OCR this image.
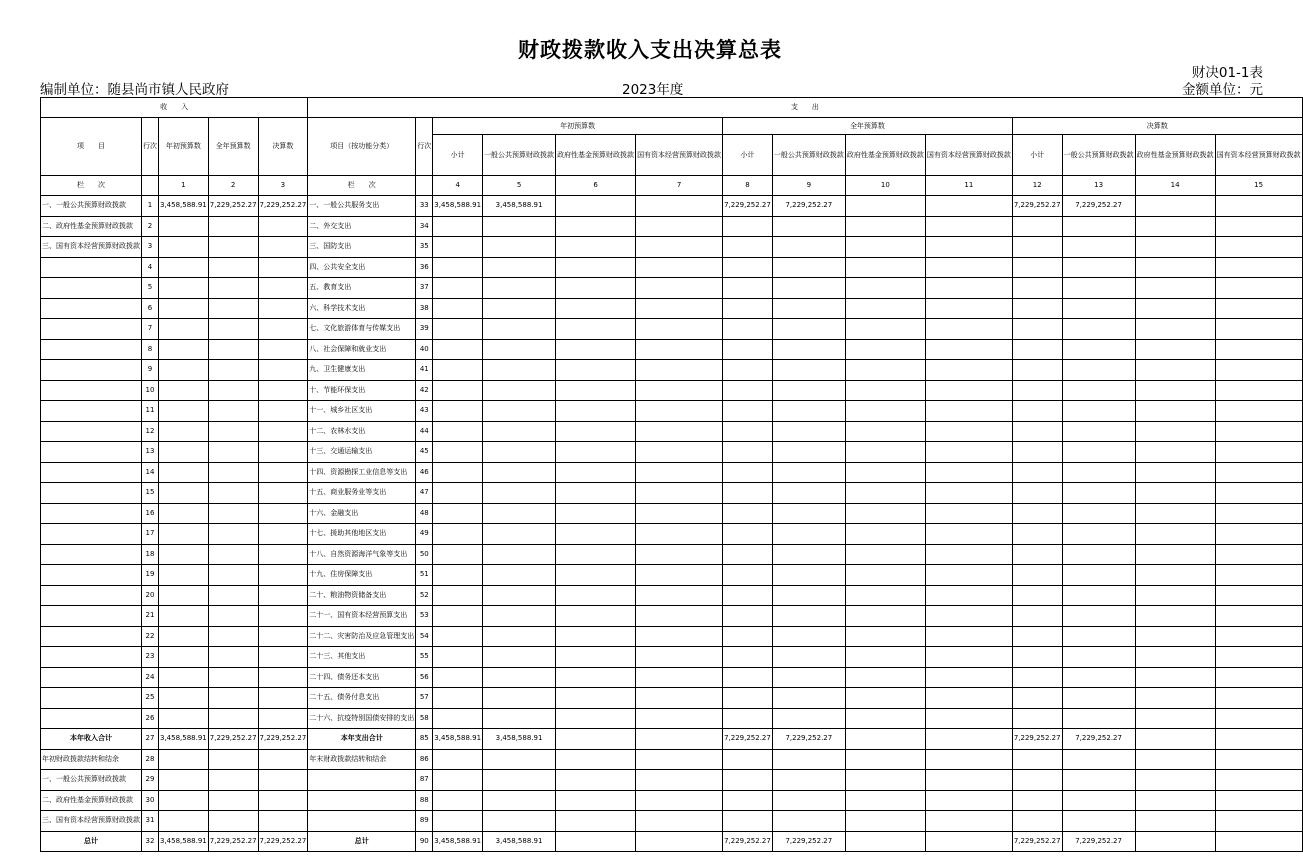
财政拨款收入支出决算总表
财决01-1表
编制单位：随县尚市镇人民政府	2023年度	金额单位：元
收　　入					支　　出													
项　　目	行次	年初预算数	全年预算数	决算数	项目（按功能分类）	行次	年初预算数				全年预算数				决算数			
							小计	一般公共预算财政拨款	政府性基金预算财政拨款	国有资本经营预算财政拨款	小计	一般公共预算财政拨款	政府性基金预算财政拨款	国有资本经营预算财政拨款	小计	一般公共预算财政拨款	政府性基金预算财政拨款	国有资本经营预算财政拨款
栏　　次		1	2	3	栏　　次		4	5	6	7	8	9	10	11	12	13	14	15
一、一般公共预算财政拨款	1	3,458,588.91	7,229,252.27	7,229,252.27	一、一般公共服务支出	33	3,458,588.91	3,458,588.91			7,229,252.27	7,229,252.27			7,229,252.27	7,229,252.27		
二、政府性基金预算财政拨款	2				二、外交支出	34												
三、国有资本经营预算财政拨款	3				三、国防支出	35												
	4				四、公共安全支出	36												
	5				五、教育支出	37												
	6				六、科学技术支出	38												
	7				七、文化旅游体育与传媒支出	39												
	8				八、社会保障和就业支出	40												
	9				九、卫生健康支出	41												
	10				十、节能环保支出	42												
	11				十一、城乡社区支出	43												
	12				十二、农林水支出	44												
	13				十三、交通运输支出	45												
	14				十四、资源勘探工业信息等支出	46												
	15				十五、商业服务业等支出	47												
	16				十六、金融支出	48												
	17				十七、援助其他地区支出	49												
	18				十八、自然资源海洋气象等支出	50												
	19				十九、住房保障支出	51												
	20				二十、粮油物资储备支出	52												
	21				二十一、国有资本经营预算支出	53												
	22				二十二、灾害防治及应急管理支出	54												
	23				二十三、其他支出	55												
	24				二十四、债务还本支出	56												
	25				二十五、债务付息支出	57												
	26				二十六、抗疫特别国债安排的支出	58												
本年收入合计	27	3,458,588.91	7,229,252.27	7,229,252.27	本年支出合计	85	3,458,588.91	3,458,588.91			7,229,252.27	7,229,252.27			7,229,252.27	7,229,252.27		
年初财政拨款结转和结余	28				年末财政拨款结转和结余	86												
一、一般公共预算财政拨款	29					87												
二、政府性基金预算财政拨款	30					88												
三、国有资本经营预算财政拨款	31					89												
总计	32	3,458,588.91	7,229,252.27	7,229,252.27	总计	90	3,458,588.91	3,458,588.91			7,229,252.27	7,229,252.27			7,229,252.27	7,229,252.27		
